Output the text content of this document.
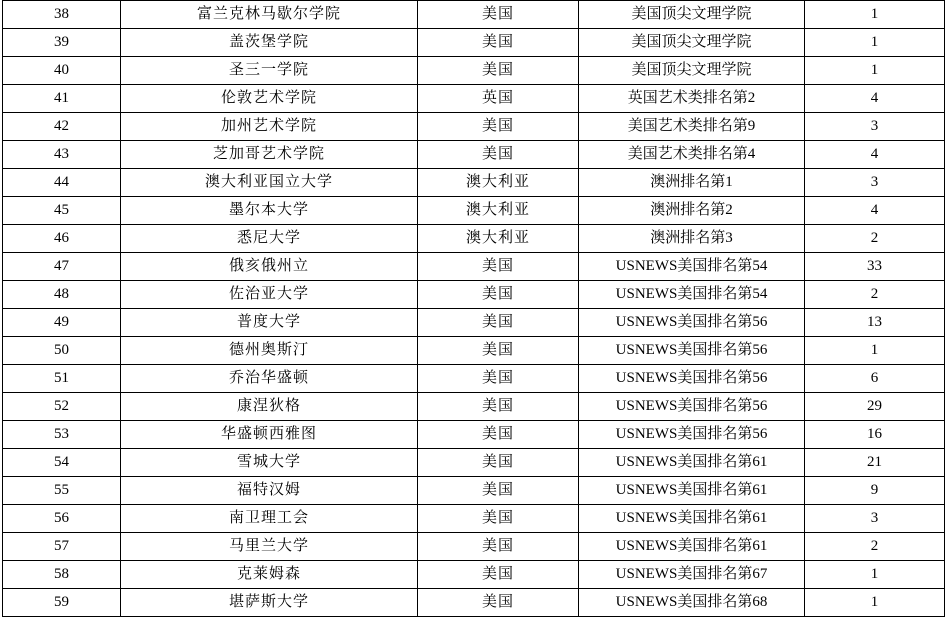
38	富兰克林马歇尔学院	美国	美国顶尖文理学院	1
39	盖茨堡学院	美国	美国顶尖文理学院	1
40	圣三一学院	美国	美国顶尖文理学院	1
41	伦敦艺术学院	英国	英国艺术类排名第2	4
42	加州艺术学院	美国	美国艺术类排名第9	3
43	芝加哥艺术学院	美国	美国艺术类排名第4	4
44	澳大利亚国立大学	澳大利亚	澳洲排名第1	3
45	墨尔本大学	澳大利亚	澳洲排名第2	4
46	悉尼大学	澳大利亚	澳洲排名第3	2
47	俄亥俄州立	美国	USNEWS美国排名第54	33
48	佐治亚大学	美国	USNEWS美国排名第54	2
49	普度大学	美国	USNEWS美国排名第56	13
50	德州奥斯汀	美国	USNEWS美国排名第56	1
51	乔治华盛顿	美国	USNEWS美国排名第56	6
52	康涅狄格	美国	USNEWS美国排名第56	29
53	华盛顿西雅图	美国	USNEWS美国排名第56	16
54	雪城大学	美国	USNEWS美国排名第61	21
55	福特汉姆	美国	USNEWS美国排名第61	9
56	南卫理工会	美国	USNEWS美国排名第61	3
57	马里兰大学	美国	USNEWS美国排名第61	2
58	克莱姆森	美国	USNEWS美国排名第67	1
59	堪萨斯大学	美国	USNEWS美国排名第68	1
